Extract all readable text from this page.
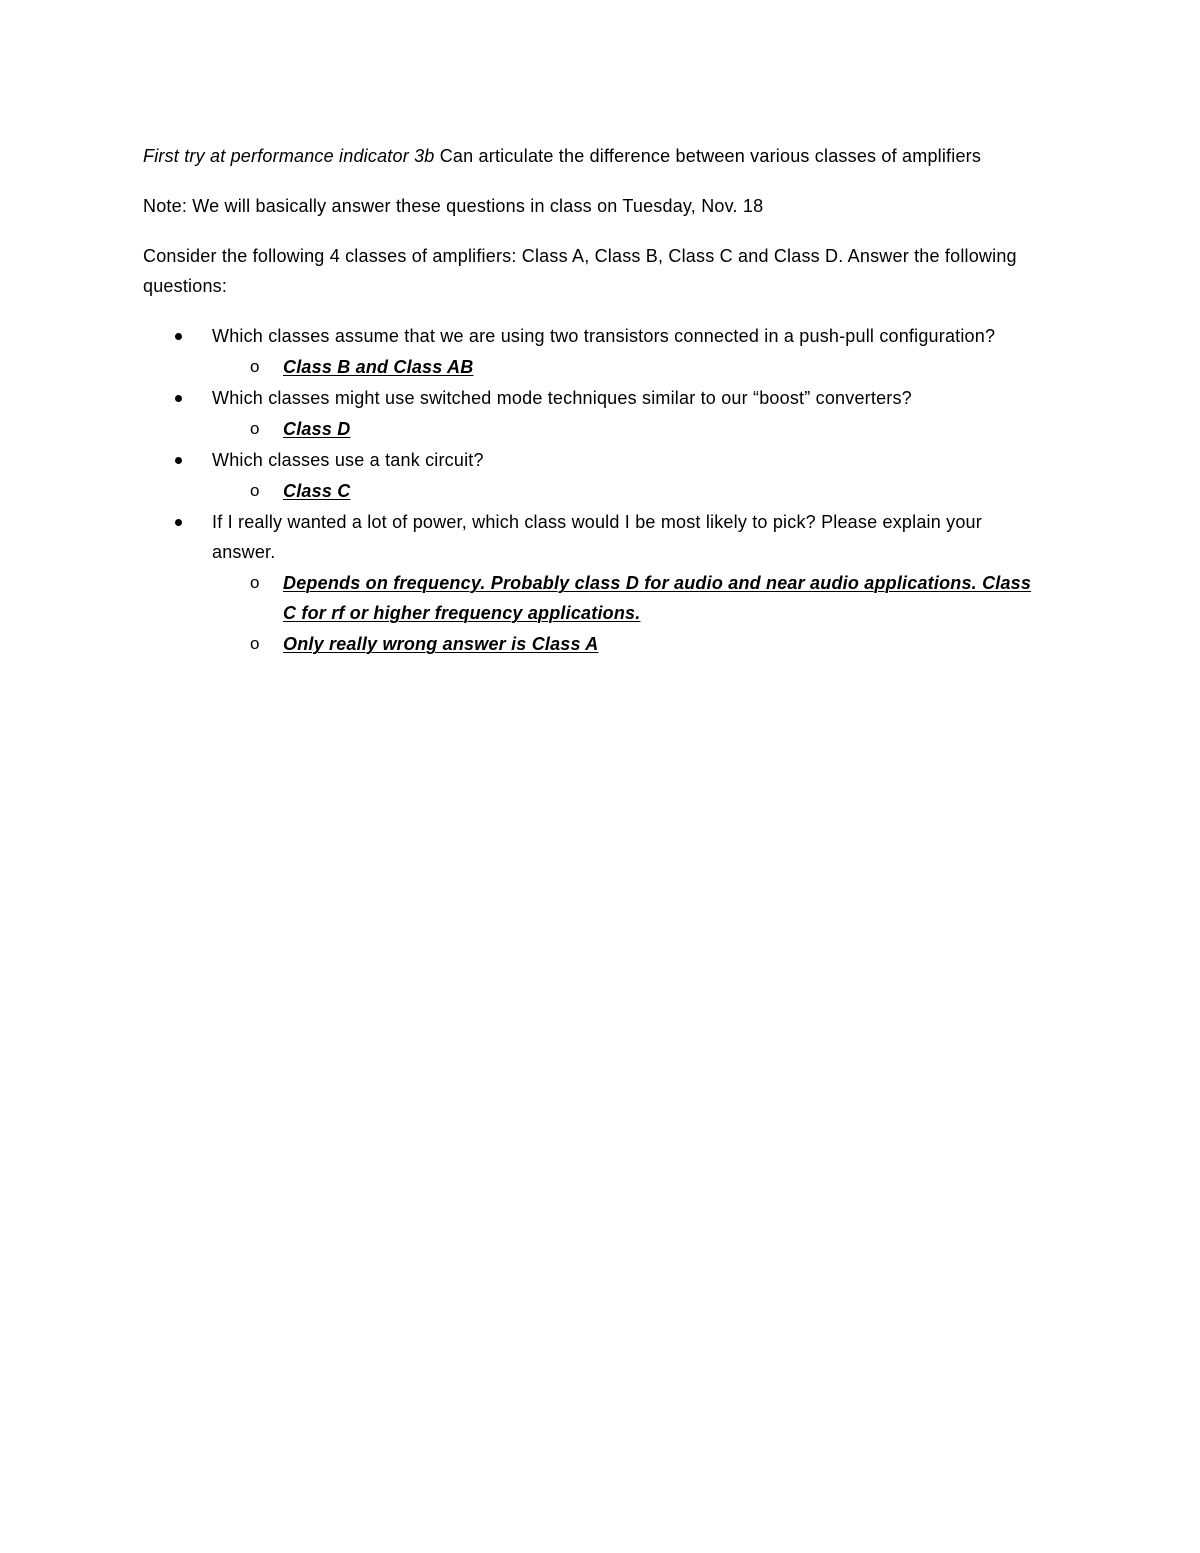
First try at performance indicator 3b Can articulate the difference between various classes of amplifiers
Note: We will basically answer these questions in class on Tuesday, Nov. 18
Consider the following 4 classes of amplifiers: Class A, Class B, Class C and Class D. Answer the following
questions:
Which classes assume that we are using two transistors connected in a push-pull configuration?
o Class B and Class AB
Which classes might use switched mode techniques similar to our “boost” converters?
o Class D
Which classes use a tank circuit?
o Class C
If I really wanted a lot of power, which class would I be most likely to pick? Please explain your
answer.
o Depends on frequency. Probably class D for audio and near audio applications. Class
C for rf or higher frequency applications.
o Only really wrong answer is Class A
